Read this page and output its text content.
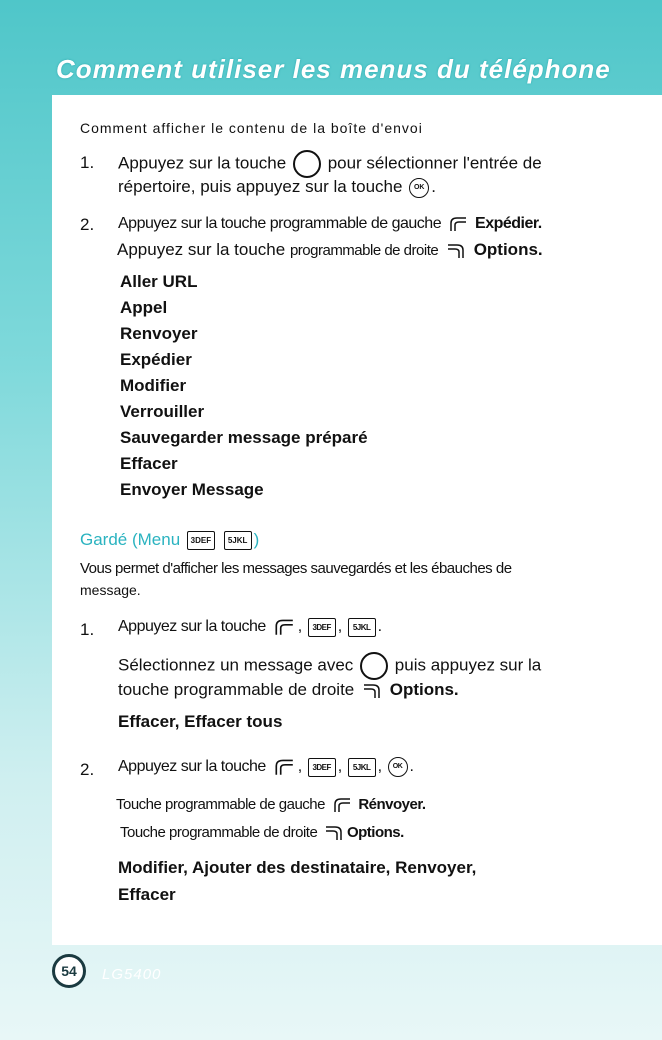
Comment utiliser les menus du téléphone
Comment afficher le contenu de la boîte d'envoi
1. Appuyez sur la touche pour sélectionner l'entrée de
répertoire, puis appuyez sur la touche OK .
2. Appuyez sur la touche programmable de gauche Expédier.
Appuyez sur la touche programmable de droite Options.
Aller URL
Appel
Renvoyer
Expédier
Modifier
Verrouiller
Sauvegarder message préparé
Effacer
Envoyer Message
Gardé (Menu 3DEF 5JKL )
Vous permet d'afficher les messages sauvegardés et les ébauches de
message.
1. Appuyez sur la touche , 3DEF , 5JKL .
Sélectionnez un message avec puis appuyez sur la
touche programmable de droite Options.
Effacer, Effacer tous
2. Appuyez sur la touche , 3DEF , 5JKL , OK .
Touche programmable de gauche Rénvoyer.
Touche programmable de droite Options.
Modifier, Ajouter des destinataire, Renvoyer,
Effacer
54	LG5400
